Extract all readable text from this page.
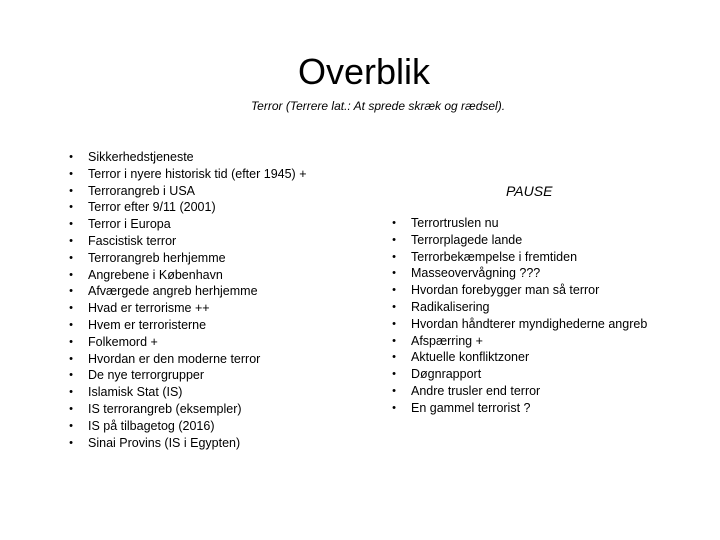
Overblik
Terror (Terrere lat.: At sprede skræk og rædsel).
• Sikkerhedstjeneste
• Terror i nyere historisk tid (efter 1945) +
• Terrorangreb i USA
• Terror efter 9/11 (2001)
• Terror i Europa
• Fascistisk terror
• Terrorangreb herhjemme
• Angrebene i København
• Afværgede angreb herhjemme
• Hvad er terrorisme ++
• Hvem er terroristerne
• Folkemord +
• Hvordan er den moderne terror
• De nye terrorgrupper
• Islamisk Stat (IS)
• IS terrorangreb (eksempler)
• IS på tilbagetog (2016)
• Sinai Provins (IS i Egypten)
PAUSE
• Terrortruslen nu
• Terrorplagede lande
• Terrorbekæmpelse i fremtiden
• Masseovervågning ???
• Hvordan forebygger man så terror
• Radikalisering
• Hvordan håndterer myndighederne angreb
• Afspærring +
• Aktuelle konfliktzoner
• Døgnrapport
• Andre trusler end terror
• En gammel terrorist ?
